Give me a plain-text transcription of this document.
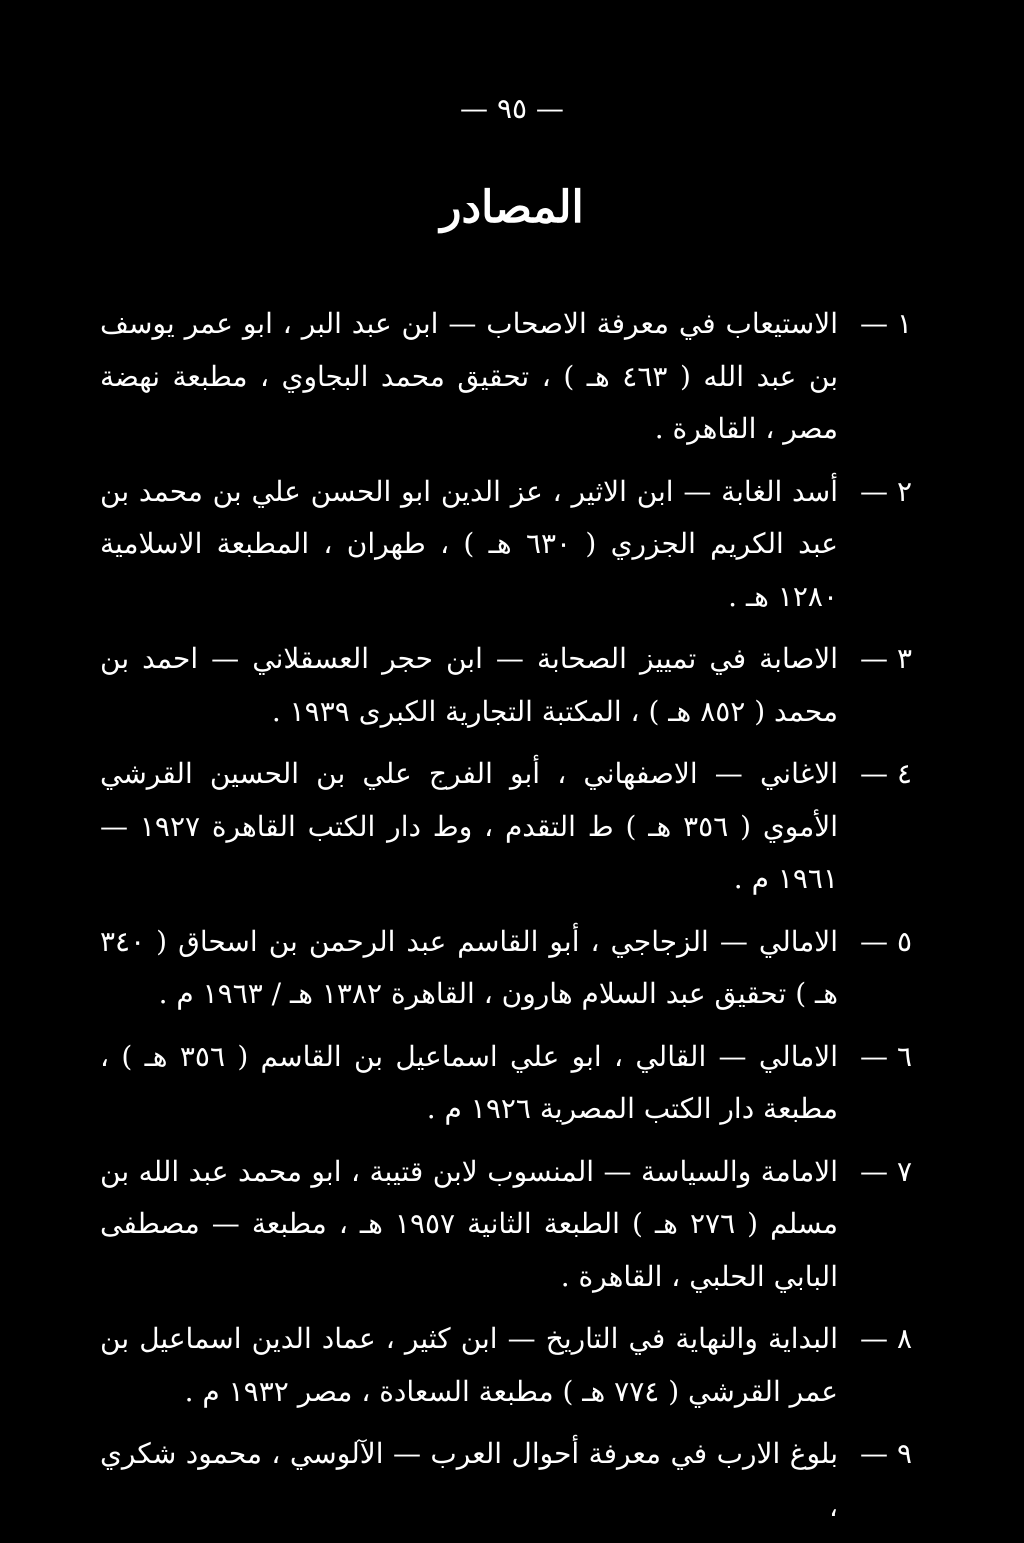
— ٩٥ —
المصادر
١ —
الاستيعاب في معرفة الاصحاب — ابن عبد البر ، ابو عمر يوسف بن عبد الله ( ٤٦٣ هـ ) ، تحقيق محمد البجاوي ، مطبعة نهضة مصر ، القاهرة .
٢ —
أسد الغابة — ابن الاثير ، عز الدين ابو الحسن علي بن محمد بن عبد الكريم الجزري ( ٦٣٠ هـ ) ، طهران ، المطبعة الاسلامية ١٢٨٠ هـ .
٣ —
الاصابة في تمييز الصحابة — ابن حجر العسقلاني — احمد بن محمد ( ٨٥٢ هـ ) ، المكتبة التجارية الكبرى ١٩٣٩ .
٤ —
الاغاني — الاصفهاني ، أبو الفرج علي بن الحسين القرشي الأموي ( ٣٥٦ هـ ) ط التقدم ، وط دار الكتب القاهرة ١٩٢٧ — ١٩٦١ م .
٥ —
الامالي — الزجاجي ، أبو القاسم عبد الرحمن بن اسحاق ( ٣٤٠ هـ ) تحقيق عبد السلام هارون ، القاهرة ١٣٨٢ هـ / ١٩٦٣ م .
٦ —
الامالي — القالي ، ابو علي اسماعيل بن القاسم ( ٣٥٦ هـ ) ، مطبعة دار الكتب المصرية ١٩٢٦ م .
٧ —
الامامة والسياسة — المنسوب لابن قتيبة ، ابو محمد عبد الله بن مسلم ( ٢٧٦ هـ ) الطبعة الثانية ١٩٥٧ هـ ، مطبعة — مصطفى البابي الحلبي ، القاهرة .
٨ —
البداية والنهاية في التاريخ — ابن كثير ، عماد الدين اسماعيل بن عمر القرشي ( ٧٧٤ هـ ) مطبعة السعادة ، مصر ١٩٣٢ م .
٩ —
بلوغ الارب في معرفة أحوال العرب — الآلوسي ، محمود شكري ،
